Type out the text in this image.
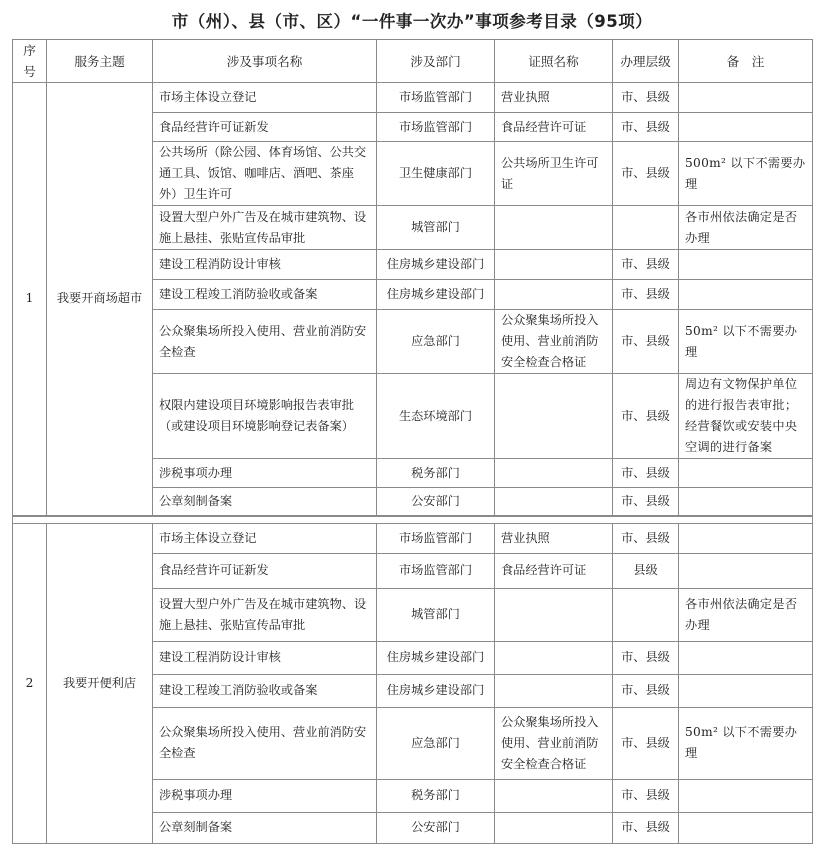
市（州）、县（市、区）“一件事一次办”事项参考目录（95项）
序号	服务主题	涉及事项名称	涉及部门	证照名称	办理层级	备　注
1	我要开商场超市	市场主体设立登记	市场监管部门	营业执照	市、县级	
		食品经营许可证新发	市场监管部门	食品经营许可证	市、县级	
		公共场所（除公园、体育场馆、公共交通工具、饭馆、咖啡店、酒吧、茶座外）卫生许可	卫生健康部门	公共场所卫生许可证	市、县级	500m² 以下不需要办理
		设置大型户外广告及在城市建筑物、设施上悬挂、张贴宣传品审批	城管部门			各市州依法确定是否办理
		建设工程消防设计审核	住房城乡建设部门		市、县级	
		建设工程竣工消防验收或备案	住房城乡建设部门		市、县级	
		公众聚集场所投入使用、营业前消防安全检查	应急部门	公众聚集场所投入使用、营业前消防安全检查合格证	市、县级	50m² 以下不需要办理
		权限内建设项目环境影响报告表审批（或建设项目环境影响登记表备案）	生态环境部门		市、县级	周边有文物保护单位的进行报告表审批；经营餐饮或安装中央空调的进行备案
		涉税事项办理	税务部门		市、县级	
		公章刻制备案	公安部门		市、县级	

2	我要开便利店	市场主体设立登记	市场监管部门	营业执照	市、县级	
		食品经营许可证新发	市场监管部门	食品经营许可证	县级	
		设置大型户外广告及在城市建筑物、设施上悬挂、张贴宣传品审批	城管部门			各市州依法确定是否办理
		建设工程消防设计审核	住房城乡建设部门		市、县级	
		建设工程竣工消防验收或备案	住房城乡建设部门		市、县级	
		公众聚集场所投入使用、营业前消防安全检查	应急部门	公众聚集场所投入使用、营业前消防安全检查合格证	市、县级	50m² 以下不需要办理
		涉税事项办理	税务部门		市、县级	
		公章刻制备案	公安部门		市、县级	
